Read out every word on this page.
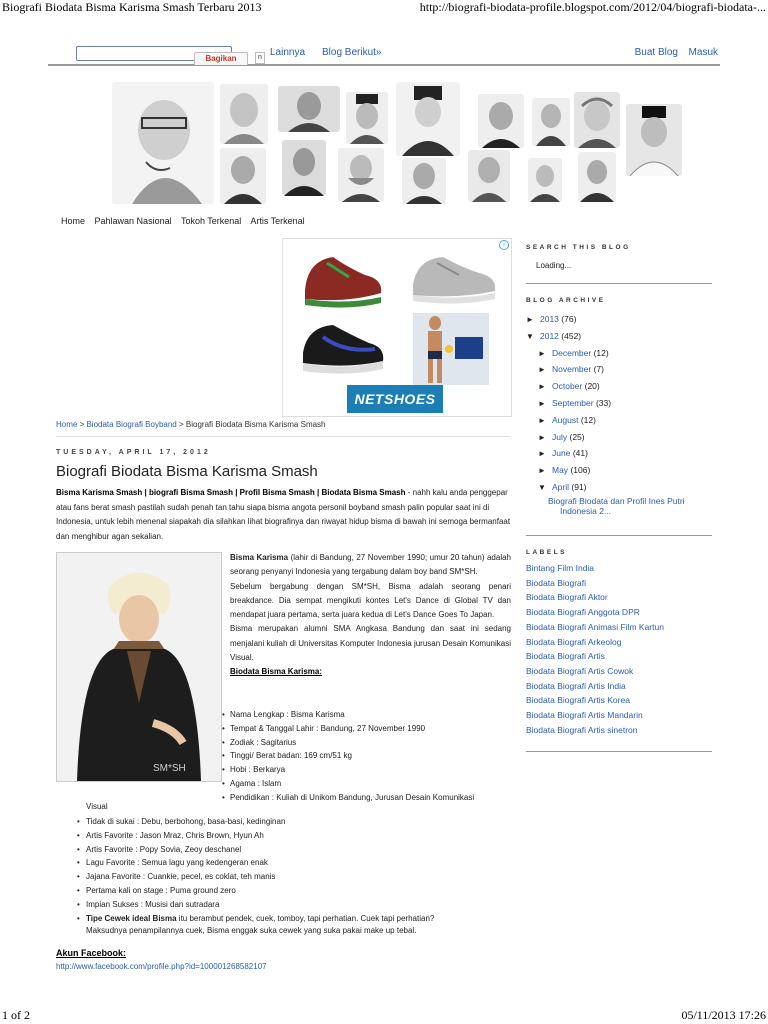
Biografi Biodata Bisma Karisma Smash Terbaru 2013	http://biografi-biodata-profile.blogspot.com/2012/04/biografi-biodata-...
Bagikan	n Lainnya Blog Berikut»	Buat Blog Masuk
Home Pahlawan Nasional Tokoh Terkenal Artis Terkenal
i
NETSHOES
Home > Biodata Biografi Boyband > Biografi Biodata Bisma Karisma Smash
TUESDAY, APRIL 17, 2012
Biografi Biodata Bisma Karisma Smash
Bisma Karisma Smash | biografi Bisma Smash | Profil Bisma Smash | Biodata Bisma Smash - nahh kalu anda penggepar atau fans berat smash pastilah sudah penah tan tahu siapa bisma angota personil boyband smash palin popular saat ini di Indonesia, untuk lebih menenal siapakah dia silahkan lihat biografinya dan riwayat hidup bisma di bawah ini semoga bermanfaat dan menghibur agan sekalian.
SM*SH

Bisma Karisma (lahir di Bandung, 27 November 1990; umur 20 tahun) adalah seorang penyanyi Indonesia yang tergabung dalam boy band SM*SH.

Sebelum bergabung dengan SM*SH, Bisma adalah seorang penari breakdance. Dia sempat mengikuti kontes Let's Dance di Global TV dan mendapat juara pertama, serta juara kedua di Let's Dance Goes To Japan.

Bisma merupakan alumni SMA Angkasa Bandung dan saat ini sedang menjalani kuliah di Universitas Komputer Indonesia jurusan Desain Komunikasi Visual.

Biodata Bisma Karisma:

• Nama Lengkap : Bisma Karisma
• Tempat & Tanggal Lahir : Bandung, 27 November 1990
• Zodiak : Sagitarius
• Tinggi/ Berat badan: 169 cm/51 kg
• Hobi : Berkarya
• Agama : Islam
• Pendidikan : Kuliah di Unikom Bandung, Jurusan Desain Komunikasi
Visual
• Tidak di sukai : Debu, berbohong, basa-basi, kedinginan
• Artis Favorite : Jason Mraz, Chris Brown, Hyun Ah
• Artis Favorite : Popy Sovia, Zeoy deschanel
• Lagu Favorite : Semua lagu yang kedengeran enak
• Jajana Favorite : Cuankie, pecel, es coklat, teh manis
• Pertama kali on stage : Puma ground zero
• Impian Sukses : Musisi dan sutradara
• Tipe Cewek ideal Bisma itu berambut pendek, cuek, tomboy, tapi perhatian. Cuek tapi perhatian?
Maksudnya penampilannya cuek, Bisma enggak suka cewek yang suka pakai make up tebal.
Akun Facebook:
http://www.facebook.com/profile.php?id=100001268582107
SEARCH THIS BLOG
Loading...
BLOG ARCHIVE
► 2013 (76)
▼ 2012 (452)
► December (12)
► November (7)
► October (20)
► September (33)
► August (12)
► July (25)
► June (41)
► May (106)
▼ April (91)
Biografi Biodata dan Profil Ines Putri
Indonesia 2...
LABELS
Bintang Film India
Biodata Biografi
Biodata Biografi Aktor
Biodata Biografi Anggota DPR
Biodata Biografi Animasi Film Kartun
Biodata Biografi Arkeolog
Biodata Biografi Artis
Biodata Biografi Artis Cowok
Biodata Biografi Artis India
Biodata Biografi Artis Korea
Biodata Biografi Artis Mandarin
Biodata Biografi Artis sinetron
1 of 2	05/11/2013 17:26
